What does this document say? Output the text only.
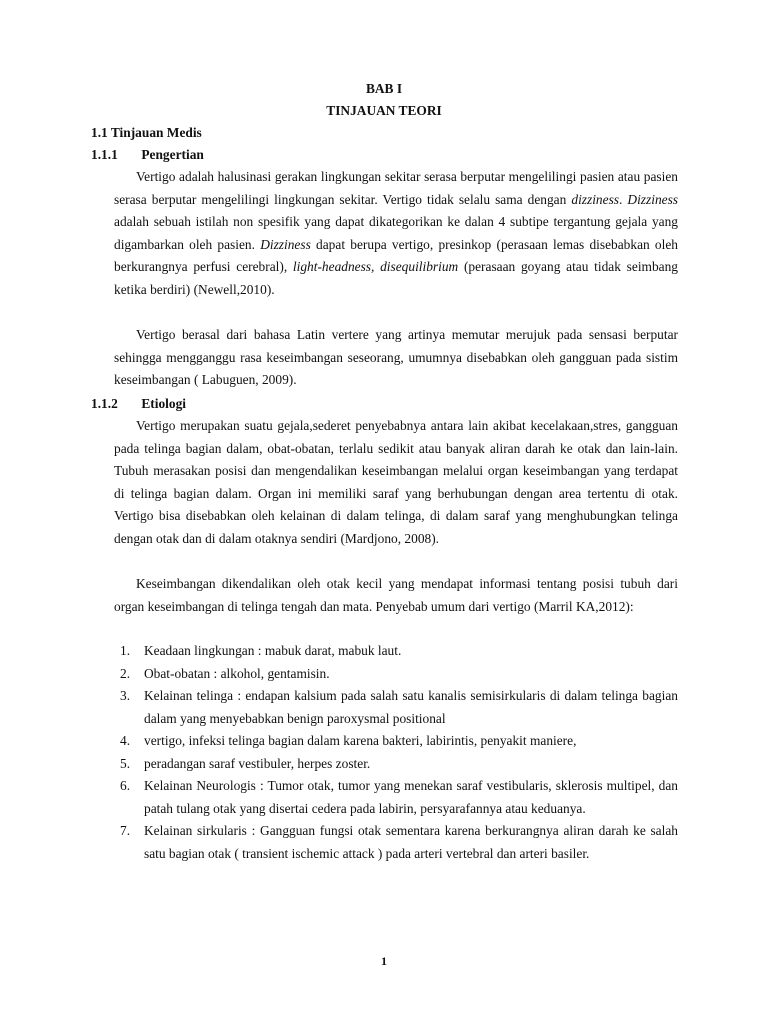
BAB I
TINJAUAN TEORI
1.1 Tinjauan Medis
1.1.1 Pengertian

Vertigo adalah halusinasi gerakan lingkungan sekitar serasa berputar mengelilingi pasien atau pasien serasa berputar mengelilingi lingkungan sekitar. Vertigo tidak selalu sama dengan dizziness. Dizziness adalah sebuah istilah non spesifik yang dapat dikategorikan ke dalan 4 subtipe tergantung gejala yang digambarkan oleh pasien. Dizziness dapat berupa vertigo, presinkop (perasaan lemas disebabkan oleh berkurangnya perfusi cerebral), light-headness, disequilibrium (perasaan goyang atau tidak seimbang ketika berdiri) (Newell,2010).

Vertigo berasal dari bahasa Latin vertere yang artinya memutar merujuk pada sensasi berputar sehingga mengganggu rasa keseimbangan seseorang, umumnya disebabkan oleh gangguan pada sistim keseimbangan ( Labuguen, 2009).

1.1.2 Etiologi

Vertigo merupakan suatu gejala,sederet penyebabnya antara lain akibat kecelakaan,stres, gangguan pada telinga bagian dalam, obat-obatan, terlalu sedikit atau banyak aliran darah ke otak dan lain-lain. Tubuh merasakan posisi dan mengendalikan keseimbangan melalui organ keseimbangan yang terdapat di telinga bagian dalam. Organ ini memiliki saraf yang berhubungan dengan area tertentu di otak. Vertigo bisa disebabkan oleh kelainan di dalam telinga, di dalam saraf yang menghubungkan telinga dengan otak dan di dalam otaknya sendiri (Mardjono, 2008).

Keseimbangan dikendalikan oleh otak kecil yang mendapat informasi tentang posisi tubuh dari organ keseimbangan di telinga tengah dan mata. Penyebab umum dari vertigo (Marril KA,2012):

1. Keadaan lingkungan : mabuk darat, mabuk laut.
2. Obat-obatan : alkohol, gentamisin.
3. Kelainan telinga : endapan kalsium pada salah satu kanalis semisirkularis di dalam telinga bagian dalam yang menyebabkan benign paroxysmal positional
4. vertigo, infeksi telinga bagian dalam karena bakteri, labirintis, penyakit maniere,
5. peradangan saraf vestibuler, herpes zoster.
6. Kelainan Neurologis : Tumor otak, tumor yang menekan saraf vestibularis, sklerosis multipel, dan patah tulang otak yang disertai cedera pada labirin, persyarafannya atau keduanya.
7. Kelainan sirkularis : Gangguan fungsi otak sementara karena berkurangnya aliran darah ke salah satu bagian otak ( transient ischemic attack ) pada arteri vertebral dan arteri basiler.
1
